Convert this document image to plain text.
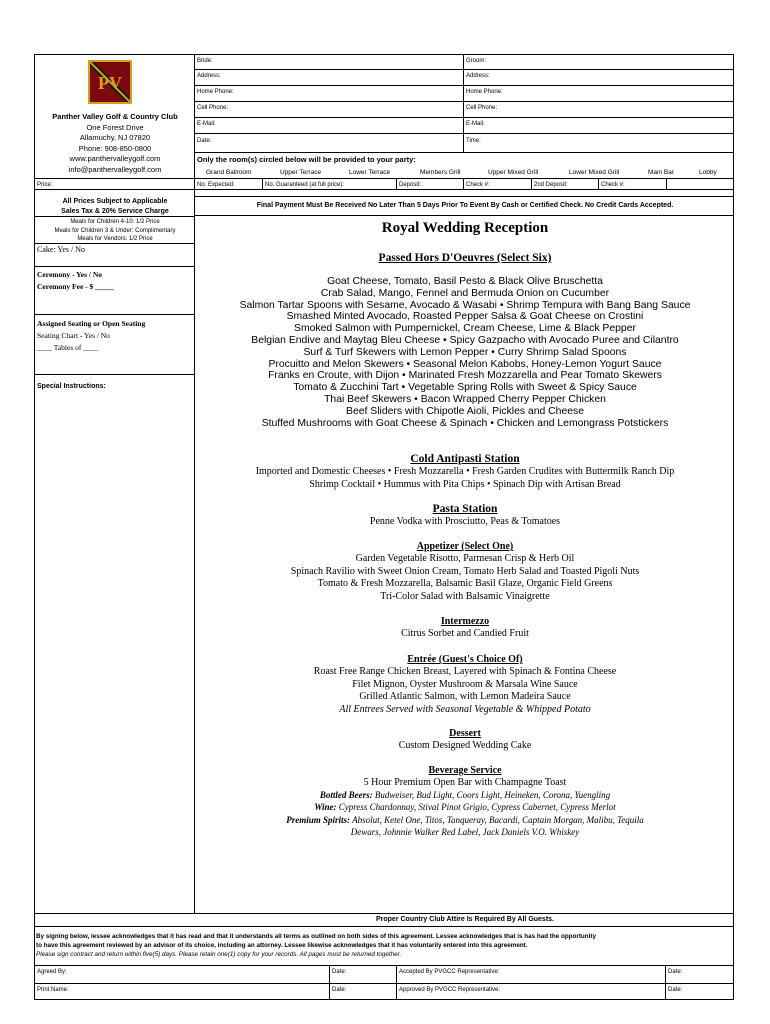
Bride:	Groom:
Address:	Address:
Home Phone:	Home Phone:
Cell Phone:	Cell Phone:
E-Mail:	E-Mail:
Date:	Time:
Only the room(s) circled below will be provided to your party:
Grand Ballroom	Upper Terrace	Lower Terrace	Members Grill	Upper Mixed Grill	Lower Mixed Grill	Main Bar	Lobby
Price:	No. Expected:	No. Guaranteed (at full price):	Deposit:	Check #:	2nd Deposit:	Check #:
PV
Panther Valley Golf & Country Club
One Forest Drive
Allamuchy, NJ 07820
Phone: 908-850-0800
www.panthervalleygolf.com
info@panthervalleygolf.com
All Prices Subject to Applicable
Sales Tax & 20% Service Charge
Meals for Children 4-10: 1/2 Price
Meals for Children 3 & Under: Complimentary
Meals for Vendors: 1/2 Price
Cake: Yes / No
Ceremony - Yes / No
Ceremony Fee - $ _____
Assigned Seating or Open Seating
Seating Chart - Yes / No
____ Tables of ____
Special Instructions:
Final Payment Must Be Received No Later Than 5 Days Prior To Event By Cash or Certified Check. No Credit Cards Accepted.
Royal Wedding Reception
Passed Hors D'Oeuvres (Select Six)
Goat Cheese, Tomato, Basil Pesto & Black Olive Bruschetta
Crab Salad, Mango, Fennel and Bermuda Onion on Cucumber
Salmon Tartar Spoons with Sesame, Avocado & Wasabi • Shrimp Tempura with Bang Bang Sauce
Smashed Minted Avocado, Roasted Pepper Salsa & Goat Cheese on Crostini
Smoked Salmon with Pumpernickel, Cream Cheese, Lime & Black Pepper
Belgian Endive and Maytag Bleu Cheese • Spicy Gazpacho with Avocado Puree and Cilantro
Surf & Turf Skewers with Lemon Pepper • Curry Shrimp Salad Spoons
Procuitto and Melon Skewers • Seasonal Melon Kabobs, Honey-Lemon Yogurt Sauce
Franks en Croute, with Dijon • Marinated Fresh Mozzarella and Pear Tomato Skewers
Tomato & Zucchini Tart • Vegetable Spring Rolls with Sweet & Spicy Sauce
Thai Beef Skewers • Bacon Wrapped Cherry Pepper Chicken
Beef Sliders with Chipotle Aioli, Pickles and Cheese
Stuffed Mushrooms with Goat Cheese & Spinach • Chicken and Lemongrass Potstickers
Cold Antipasti Station
Imported and Domestic Cheeses • Fresh Mozzarella • Fresh Garden Crudites with Buttermilk Ranch Dip
Shrimp Cocktail • Hummus with Pita Chips • Spinach Dip with Artisan Bread
Pasta Station
Penne Vodka with Prosciutto, Peas & Tomatoes
Appetizer (Select One)
Garden Vegetable Risotto, Parmesan Crisp & Herb Oil
Spinach Ravilio with Sweet Onion Cream, Tomato Herb Salad and Toasted Pigoli Nuts
Tomato & Fresh Mozzarella, Balsamic Basil Glaze, Organic Field Greens
Tri-Color Salad with Balsamic Vinaigrette
Intermezzo
Citrus Sorbet and Candied Fruit
Entrée (Guest's Choice Of)
Roast Free Range Chicken Breast, Layered with Spinach & Fontina Cheese
Filet Mignon, Oyster Mushroom & Marsala Wine Sauce
Grilled Atlantic Salmon, with Lemon Madeira Sauce
All Entrees Served with Seasonal Vegetable & Whipped Potato
Dessert
Custom Designed Wedding Cake
Beverage Service
5 Hour Premium Open Bar with Champagne Toast
Bottled Beers: Budweiser, Bud Light, Coors Light, Heineken, Corona, Yuengling
Wine: Cypress Chardonnay, Stival Pinot Grigio, Cypress Cabernet, Cypress Merlot
Premium Spirits: Absolut, Ketel One, Titos, Tanqueray, Bacardi, Captain Morgan, Malibu, Tequila
Dewars, Johnnie Walker Red Label, Jack Daniels V.O. Whiskey
Proper Country Club Attire Is Required By All Guests.
By signing below, lessee acknowledges that it has read and that it understands all terms as outlined on both sides of this agreement. Lessee acknowledges that is has had the opportunity
to have this agreement reviewed by an advisor of its choice, including an attorney. Lessee likewise acknowledges that it has voluntarily entered into this agreement.
Please sign contract and return within five(5) days. Please retain one(1) copy for your records. All pages must be returned together.
Agreed By:	Date:	Accepted By PVGCC Representative:	Date:
Print Name:	Date:	Approved By PVGCC Representative:	Date:
